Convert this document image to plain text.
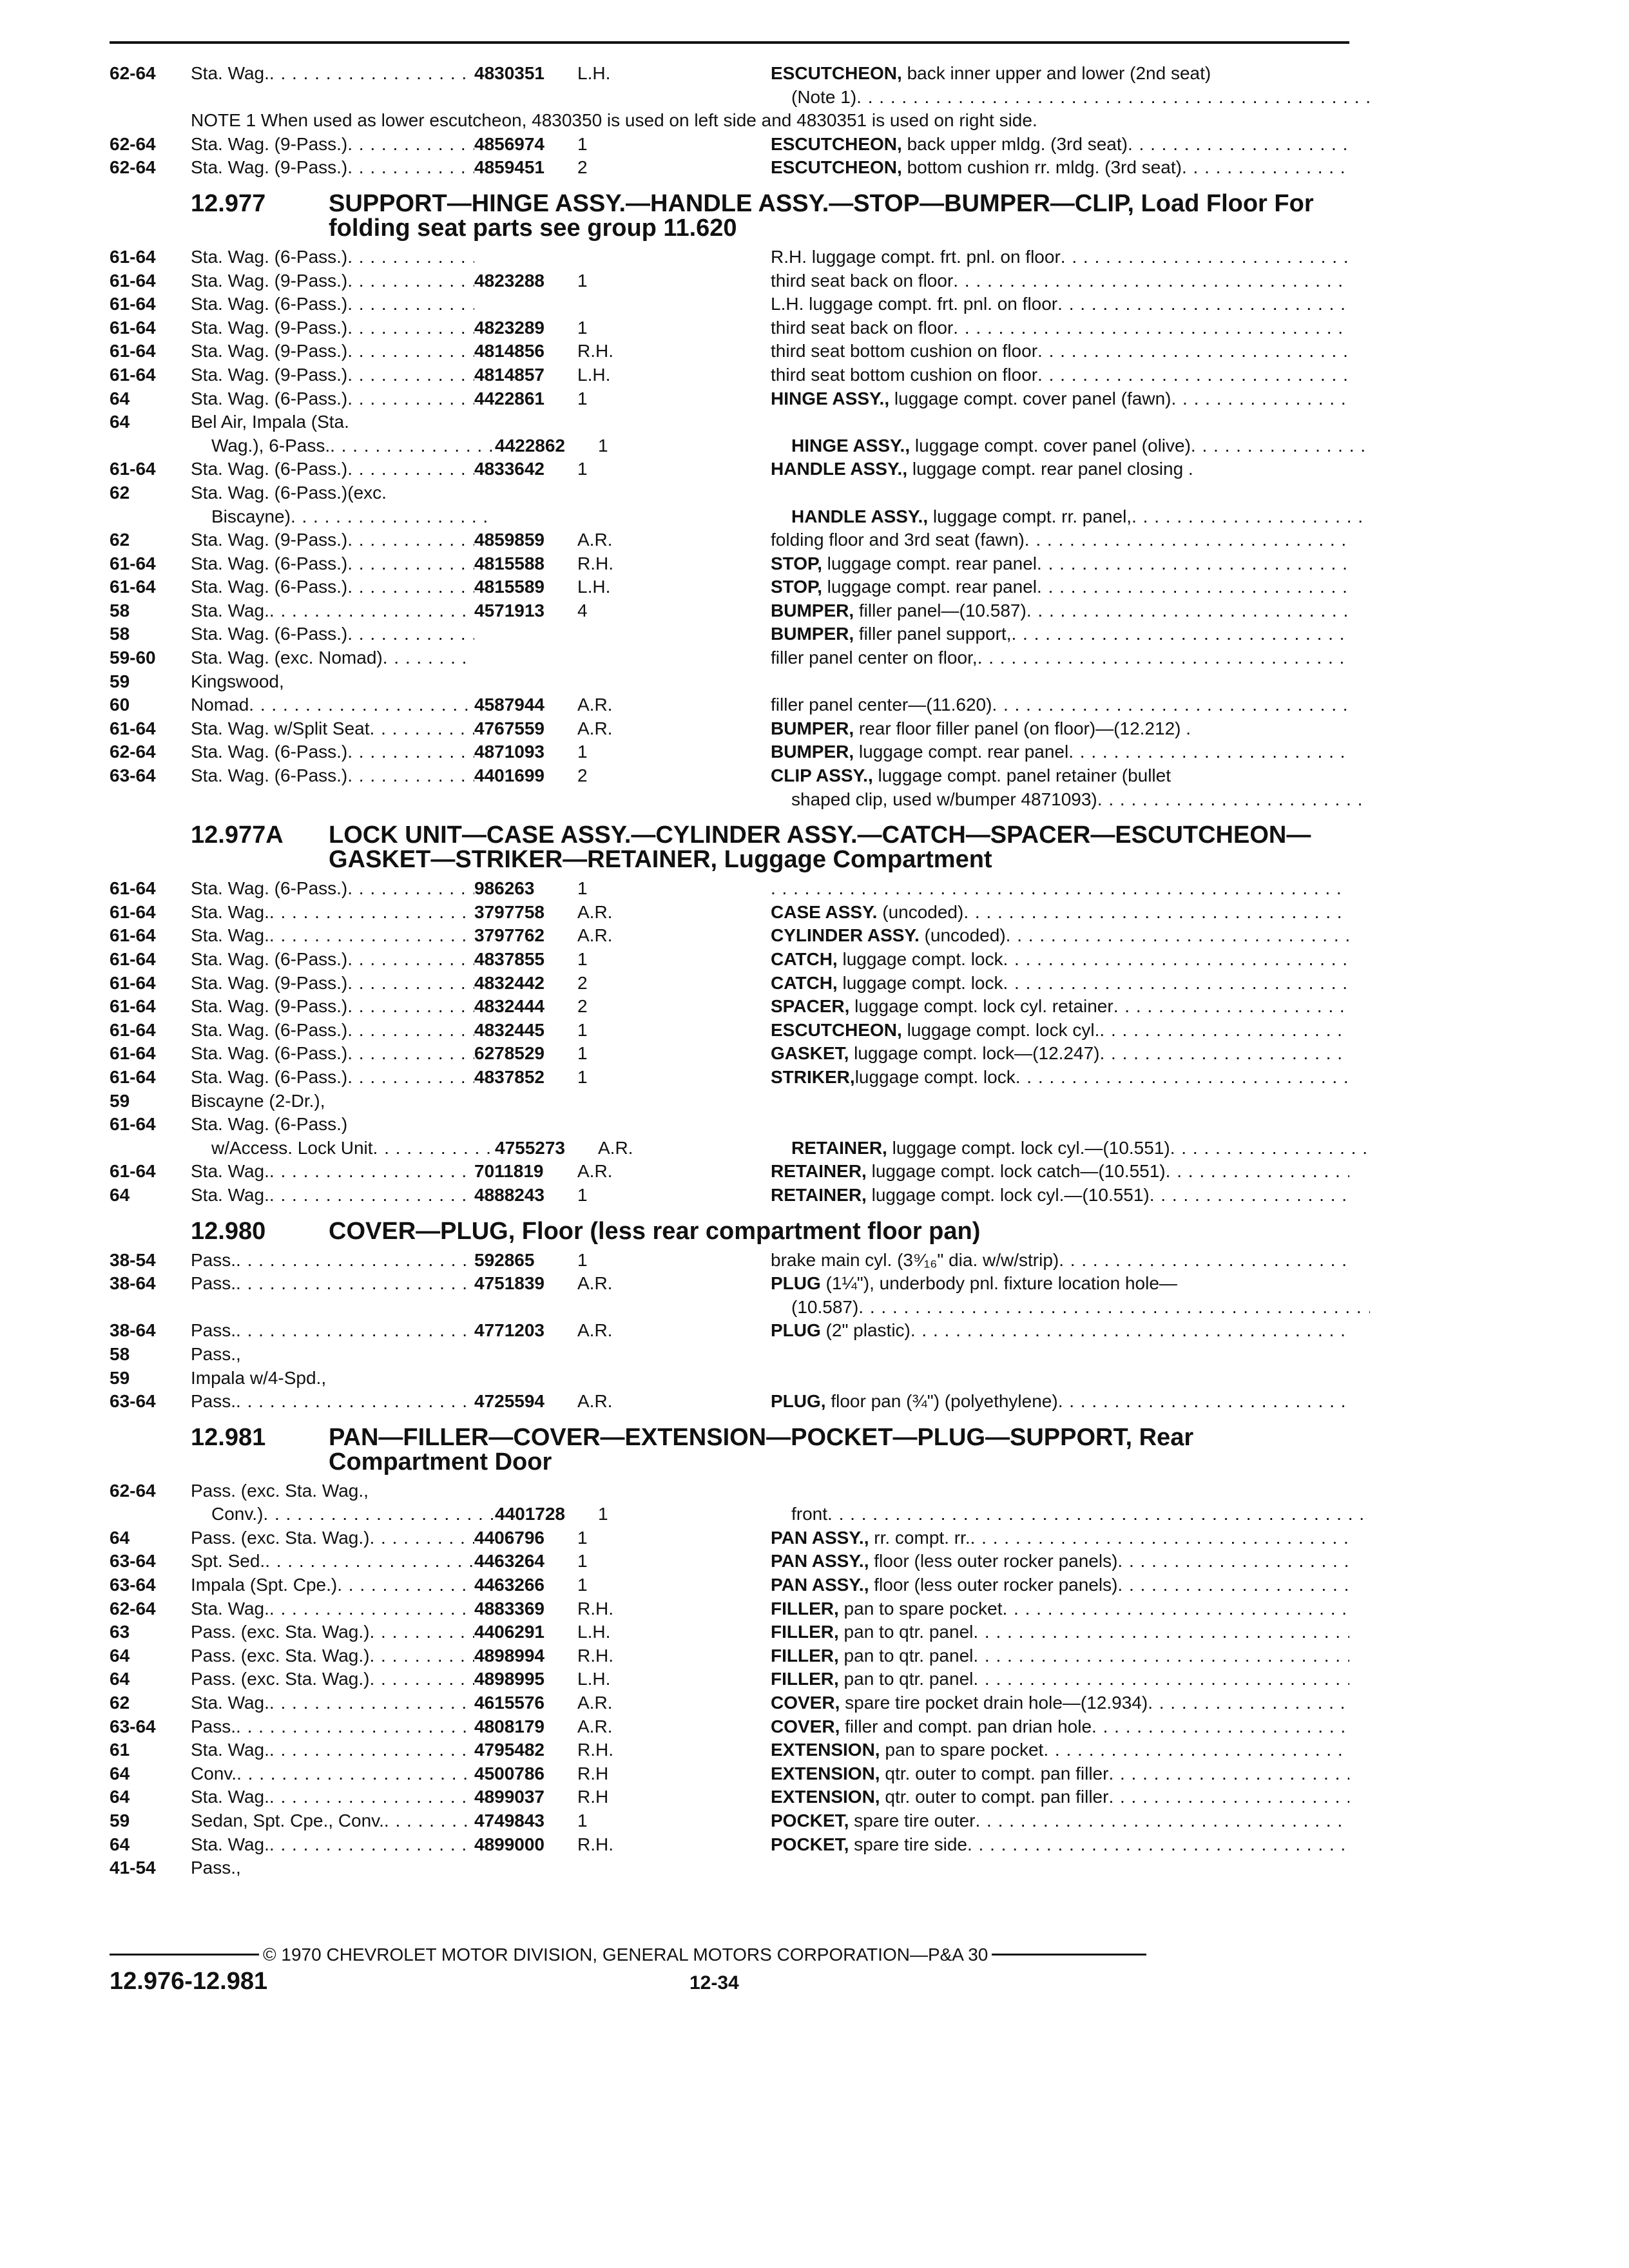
62-64	Sta. Wag. . . .	4830351	L.H.	ESCUTCHEON, back inner upper and lower (2nd seat)
(Note 1)
. . .
NOTE 1 When used as lower escutcheon, 4830350 is used on left side and 4830351 is used on right side.
62-64	Sta. Wag. (9-Pass.) . . .	4856974	1	ESCUTCHEON, back upper mldg. (3rd seat)
. . .
62-64	Sta. Wag. (9-Pass.) . . .	4859451	2	ESCUTCHEON, bottom cushion rr. mldg. (3rd seat)
. . .
12.977	SUPPORT—HINGE ASSY.—HANDLE ASSY.—STOP—BUMPER—CLIP, Load Floor For folding seat parts see group 11.620
61-64	Sta. Wag. (6-Pass.) . . .	R.H. luggage compt. frt. pnl. on floor
. . .
61-64	Sta. Wag. (9-Pass.) . . .	4823288	1	third seat back on floor
. . .
61-64	Sta. Wag. (6-Pass.) . . .	L.H. luggage compt. frt. pnl. on floor
. . .
61-64	Sta. Wag. (9-Pass.) . . .	4823289	1	third seat back on floor
. . .
61-64	Sta. Wag. (9-Pass.) . . .	4814856	R.H.	third seat bottom cushion on floor
. . .
61-64	Sta. Wag. (9-Pass.) . . .	4814857	L.H.	third seat bottom cushion on floor
. . .
64	Sta. Wag. (6-Pass.) . . .	4422861	1	HINGE ASSY., luggage compt. cover panel (fawn)
. . .
64	Bel Air, Impala (Sta.
Wag.), 6-Pass. . . .	4422862	1	HINGE ASSY., luggage compt. cover panel (olive)
. . .
61-64	Sta. Wag. (6-Pass.) . . .	4833642	1	HANDLE ASSY., luggage compt. rear panel closing .
62	Sta. Wag. (6-Pass.)(exc.
Biscayne) . . .	HANDLE ASSY., luggage compt. rr. panel,
. . .
62	Sta. Wag. (9-Pass.) . . .	4859859	A.R.	folding floor and 3rd seat (fawn)
. . .
61-64	Sta. Wag. (6-Pass.) . . .	4815588	R.H.	STOP, luggage compt. rear panel
. . .
61-64	Sta. Wag. (6-Pass.) . . .	4815589	L.H.	STOP, luggage compt. rear panel
. . .
58	Sta. Wag. . . .	4571913	4	BUMPER, filler panel—(10.587)
. . .
58	Sta. Wag. (6-Pass.) . . .	BUMPER, filler panel support,
. . .
59-60	Sta. Wag. (exc. Nomad) . . .	filler panel center on floor,
. . .
59	Kingswood,
60	Nomad . . .	4587944	A.R.	filler panel center—(11.620)
. . .
61-64	Sta. Wag. w/Split Seat . . .	4767559	A.R.	BUMPER, rear floor filler panel (on floor)—(12.212) .
62-64	Sta. Wag. (6-Pass.) . . .	4871093	1	BUMPER, luggage compt. rear panel
. . .
63-64	Sta. Wag. (6-Pass.) . . .	4401699	2	CLIP ASSY., luggage compt. panel retainer (bullet
shaped clip, used w/bumper 4871093)
. . .
12.977A	LOCK UNIT—CASE ASSY.—CYLINDER ASSY.—CATCH—SPACER—ESCUTCHEON—GASKET—STRIKER—RETAINER, Luggage Compartment
61-64	Sta. Wag. (6-Pass.) . . .	986263	1
. . .
61-64	Sta. Wag. . . .	3797758	A.R.	CASE ASSY. (uncoded)
. . .
61-64	Sta. Wag. . . .	3797762	A.R.	CYLINDER ASSY. (uncoded)
. . .
61-64	Sta. Wag. (6-Pass.) . . .	4837855	1	CATCH, luggage compt. lock
. . .
61-64	Sta. Wag. (9-Pass.) . . .	4832442	2	CATCH, luggage compt. lock
. . .
61-64	Sta. Wag. (9-Pass.) . . .	4832444	2	SPACER, luggage compt. lock cyl. retainer
. . .
61-64	Sta. Wag. (6-Pass.) . . .	4832445	1	ESCUTCHEON, luggage compt. lock cyl.
. . .
61-64	Sta. Wag. (6-Pass.) . . .	6278529	1	GASKET, luggage compt. lock—(12.247)
. . .
61-64	Sta. Wag. (6-Pass.) . . .	4837852	1	STRIKER,luggage compt. lock
. . .
59	Biscayne (2-Dr.),
61-64	Sta. Wag. (6-Pass.)
w/Access. Lock Unit . . .	4755273	A.R.	RETAINER, luggage compt. lock cyl.—(10.551)
. . .
61-64	Sta. Wag. . . .	7011819	A.R.	RETAINER, luggage compt. lock catch—(10.551)
. . .
64	Sta. Wag. . . .	4888243	1	RETAINER, luggage compt. lock cyl.—(10.551)
. . .
12.980	COVER—PLUG, Floor (less rear compartment floor pan)
38-54	Pass. . . .	592865	1	brake main cyl. (3⁹⁄₁₆" dia. w/w/strip)
. . .
38-64	Pass. . . .	4751839	A.R.	PLUG (1¼"), underbody pnl. fixture location hole—
(10.587)
. . .
38-64	Pass. . . .	4771203	A.R.	PLUG (2" plastic)
. . .
58	Pass.,
59	Impala w/4-Spd.,
63-64	Pass. . . .	4725594	A.R.	PLUG, floor pan (¾") (polyethylene)
. . .
12.981	PAN—FILLER—COVER—EXTENSION—POCKET—PLUG—SUPPORT, Rear Compartment Door
62-64	Pass. (exc. Sta. Wag.,
Conv.) . . .	4401728	1	front
. . .
64	Pass. (exc. Sta. Wag.) . . .	4406796	1	PAN ASSY., rr. compt. rr.
. . .
63-64	Spt. Sed. . . .	4463264	1	PAN ASSY., floor (less outer rocker panels)
. . .
63-64	Impala (Spt. Cpe.) . . .	4463266	1	PAN ASSY., floor (less outer rocker panels)
. . .
62-64	Sta. Wag. . . .	4883369	R.H.	FILLER, pan to spare pocket
. . .
63	Pass. (exc. Sta. Wag.) . . .	4406291	L.H.	FILLER, pan to qtr. panel
. . .
64	Pass. (exc. Sta. Wag.) . . .	4898994	R.H.	FILLER, pan to qtr. panel
. . .
64	Pass. (exc. Sta. Wag.) . . .	4898995	L.H.	FILLER, pan to qtr. panel
. . .
62	Sta. Wag. . . .	4615576	A.R.	COVER, spare tire pocket drain hole—(12.934)
. . .
63-64	Pass. . . .	4808179	A.R.	COVER, filler and compt. pan drian hole
. . .
61	Sta. Wag. . . .	4795482	R.H.	EXTENSION, pan to spare pocket
. . .
64	Conv. . . .	4500786	R.H	EXTENSION, qtr. outer to compt. pan filler
. . .
64	Sta. Wag. . . .	4899037	R.H	EXTENSION, qtr. outer to compt. pan filler
. . .
59	Sedan, Spt. Cpe., Conv. . . .	4749843	1	POCKET, spare tire outer
. . .
64	Sta. Wag. . . .	4899000	R.H.	POCKET, spare tire side
. . .
41-54	Pass.,
© 1970 CHEVROLET MOTOR DIVISION, GENERAL MOTORS CORPORATION—P&A 30
12.976-12.981	12-34
